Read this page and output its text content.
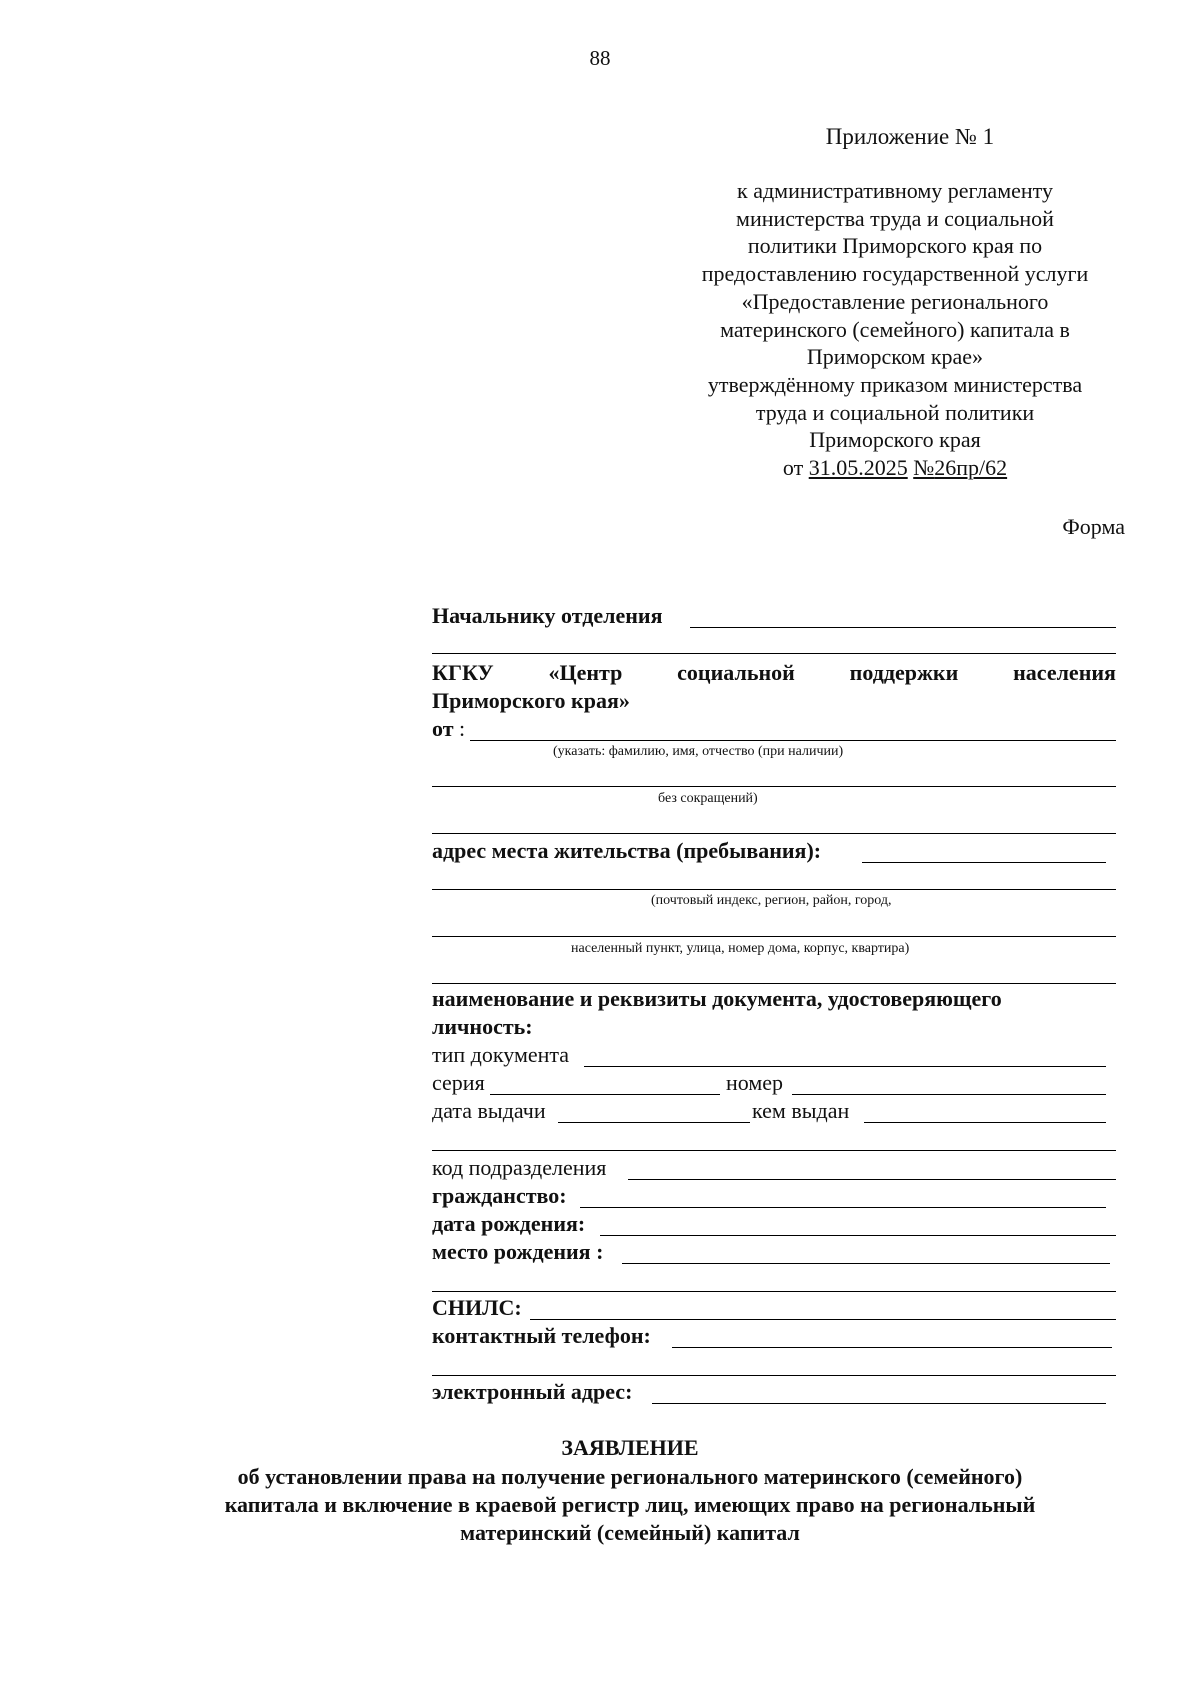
88
Приложение № 1
к административному регламенту
министерства труда и социальной
политики Приморского края по
предоставлению государственной услуги
«Предоставление регионального
материнского (семейного) капитала в
Приморском крае»
утверждённому приказом министерства
труда и социальной политики
Приморского края
от 31.05.2025 №26пр/62
Форма
Начальнику отделения
КГКУ «Центр социальной поддержки населения
Приморского края»
от :
(указать: фамилию, имя, отчество (при наличии)
без сокращений)
адрес места жительства (пребывания):
(почтовый индекс, регион, район, город,
населенный пункт, улица, номер дома, корпус, квартира)
наименование и реквизиты документа, удостоверяющего
личность:
тип документа
серия	номер
дата выдачи	кем выдан
код подразделения
гражданство:
дата рождения:
место рождения :
СНИЛС:
контактный телефон:
электронный адрес:
ЗАЯВЛЕНИЕ
об установлении права на получение регионального материнского (семейного)
капитала и включение в краевой регистр лиц, имеющих право на региональный
материнский (семейный) капитал
